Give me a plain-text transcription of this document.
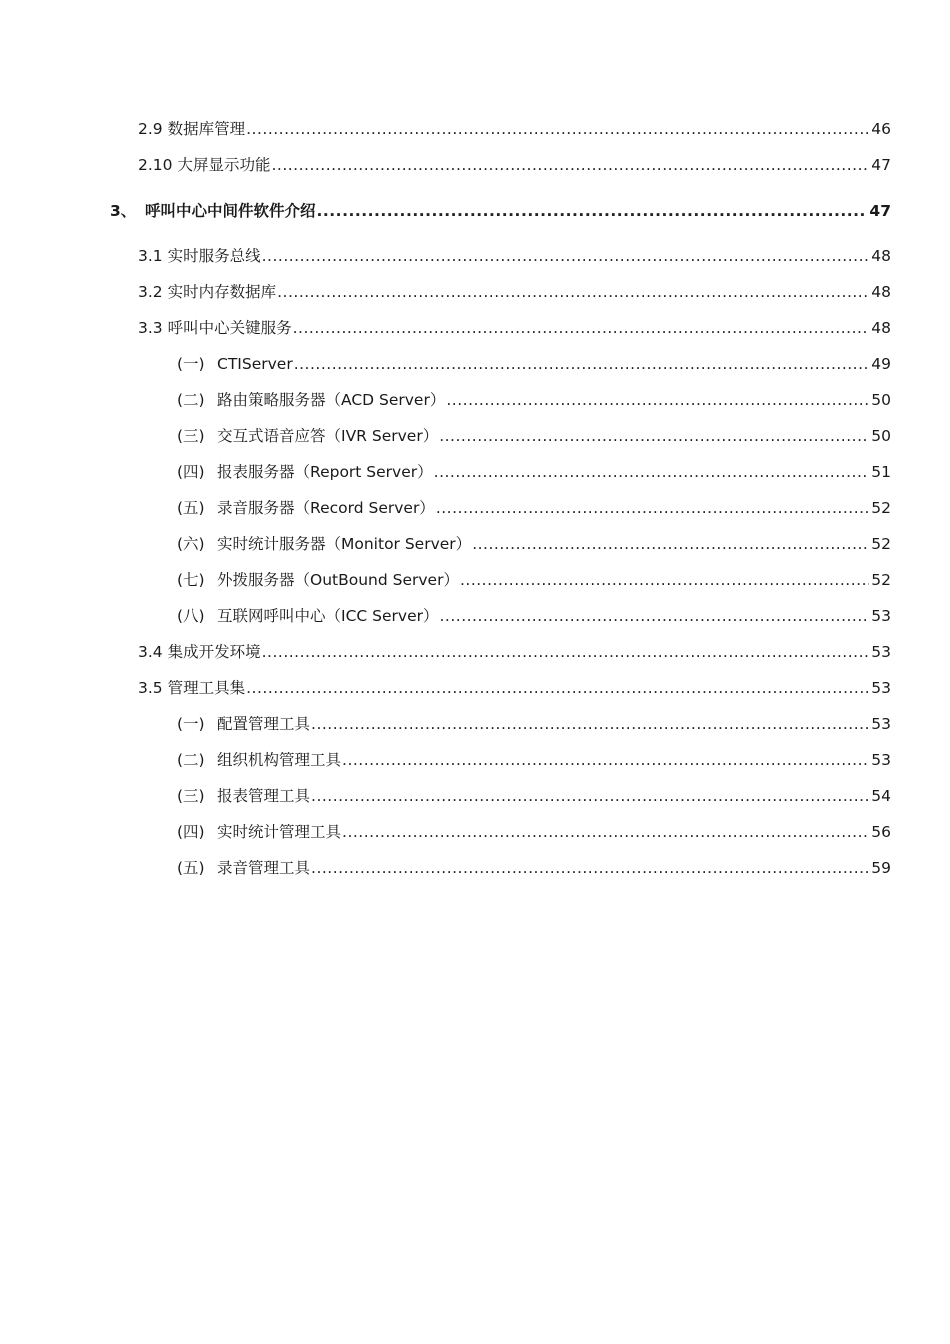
2.9 数据库管理 .....	46
2.10 大屏显示功能 .....	47
3、 呼叫中心中间件软件介绍 .....	47
3.1 实时服务总线 .....	48
3.2 实时内存数据库 .....	48
3.3 呼叫中心关键服务 .....	48
(一) CTIServer .....	49
(二) 路由策略服务器（ACD Server） .....	50
(三) 交互式语音应答（IVR Server） .....	50
(四) 报表服务器（Report Server） .....	51
(五) 录音服务器（Record Server） .....	52
(六) 实时统计服务器（Monitor Server） .....	52
(七) 外拨服务器（OutBound Server） .....	52
(八) 互联网呼叫中心（ICC Server） .....	53
3.4 集成开发环境 .....	53
3.5 管理工具集 .....	53
(一) 配置管理工具 .....	53
(二) 组织机构管理工具 .....	53
(三) 报表管理工具 .....	54
(四) 实时统计管理工具 .....	56
(五) 录音管理工具 .....	59
